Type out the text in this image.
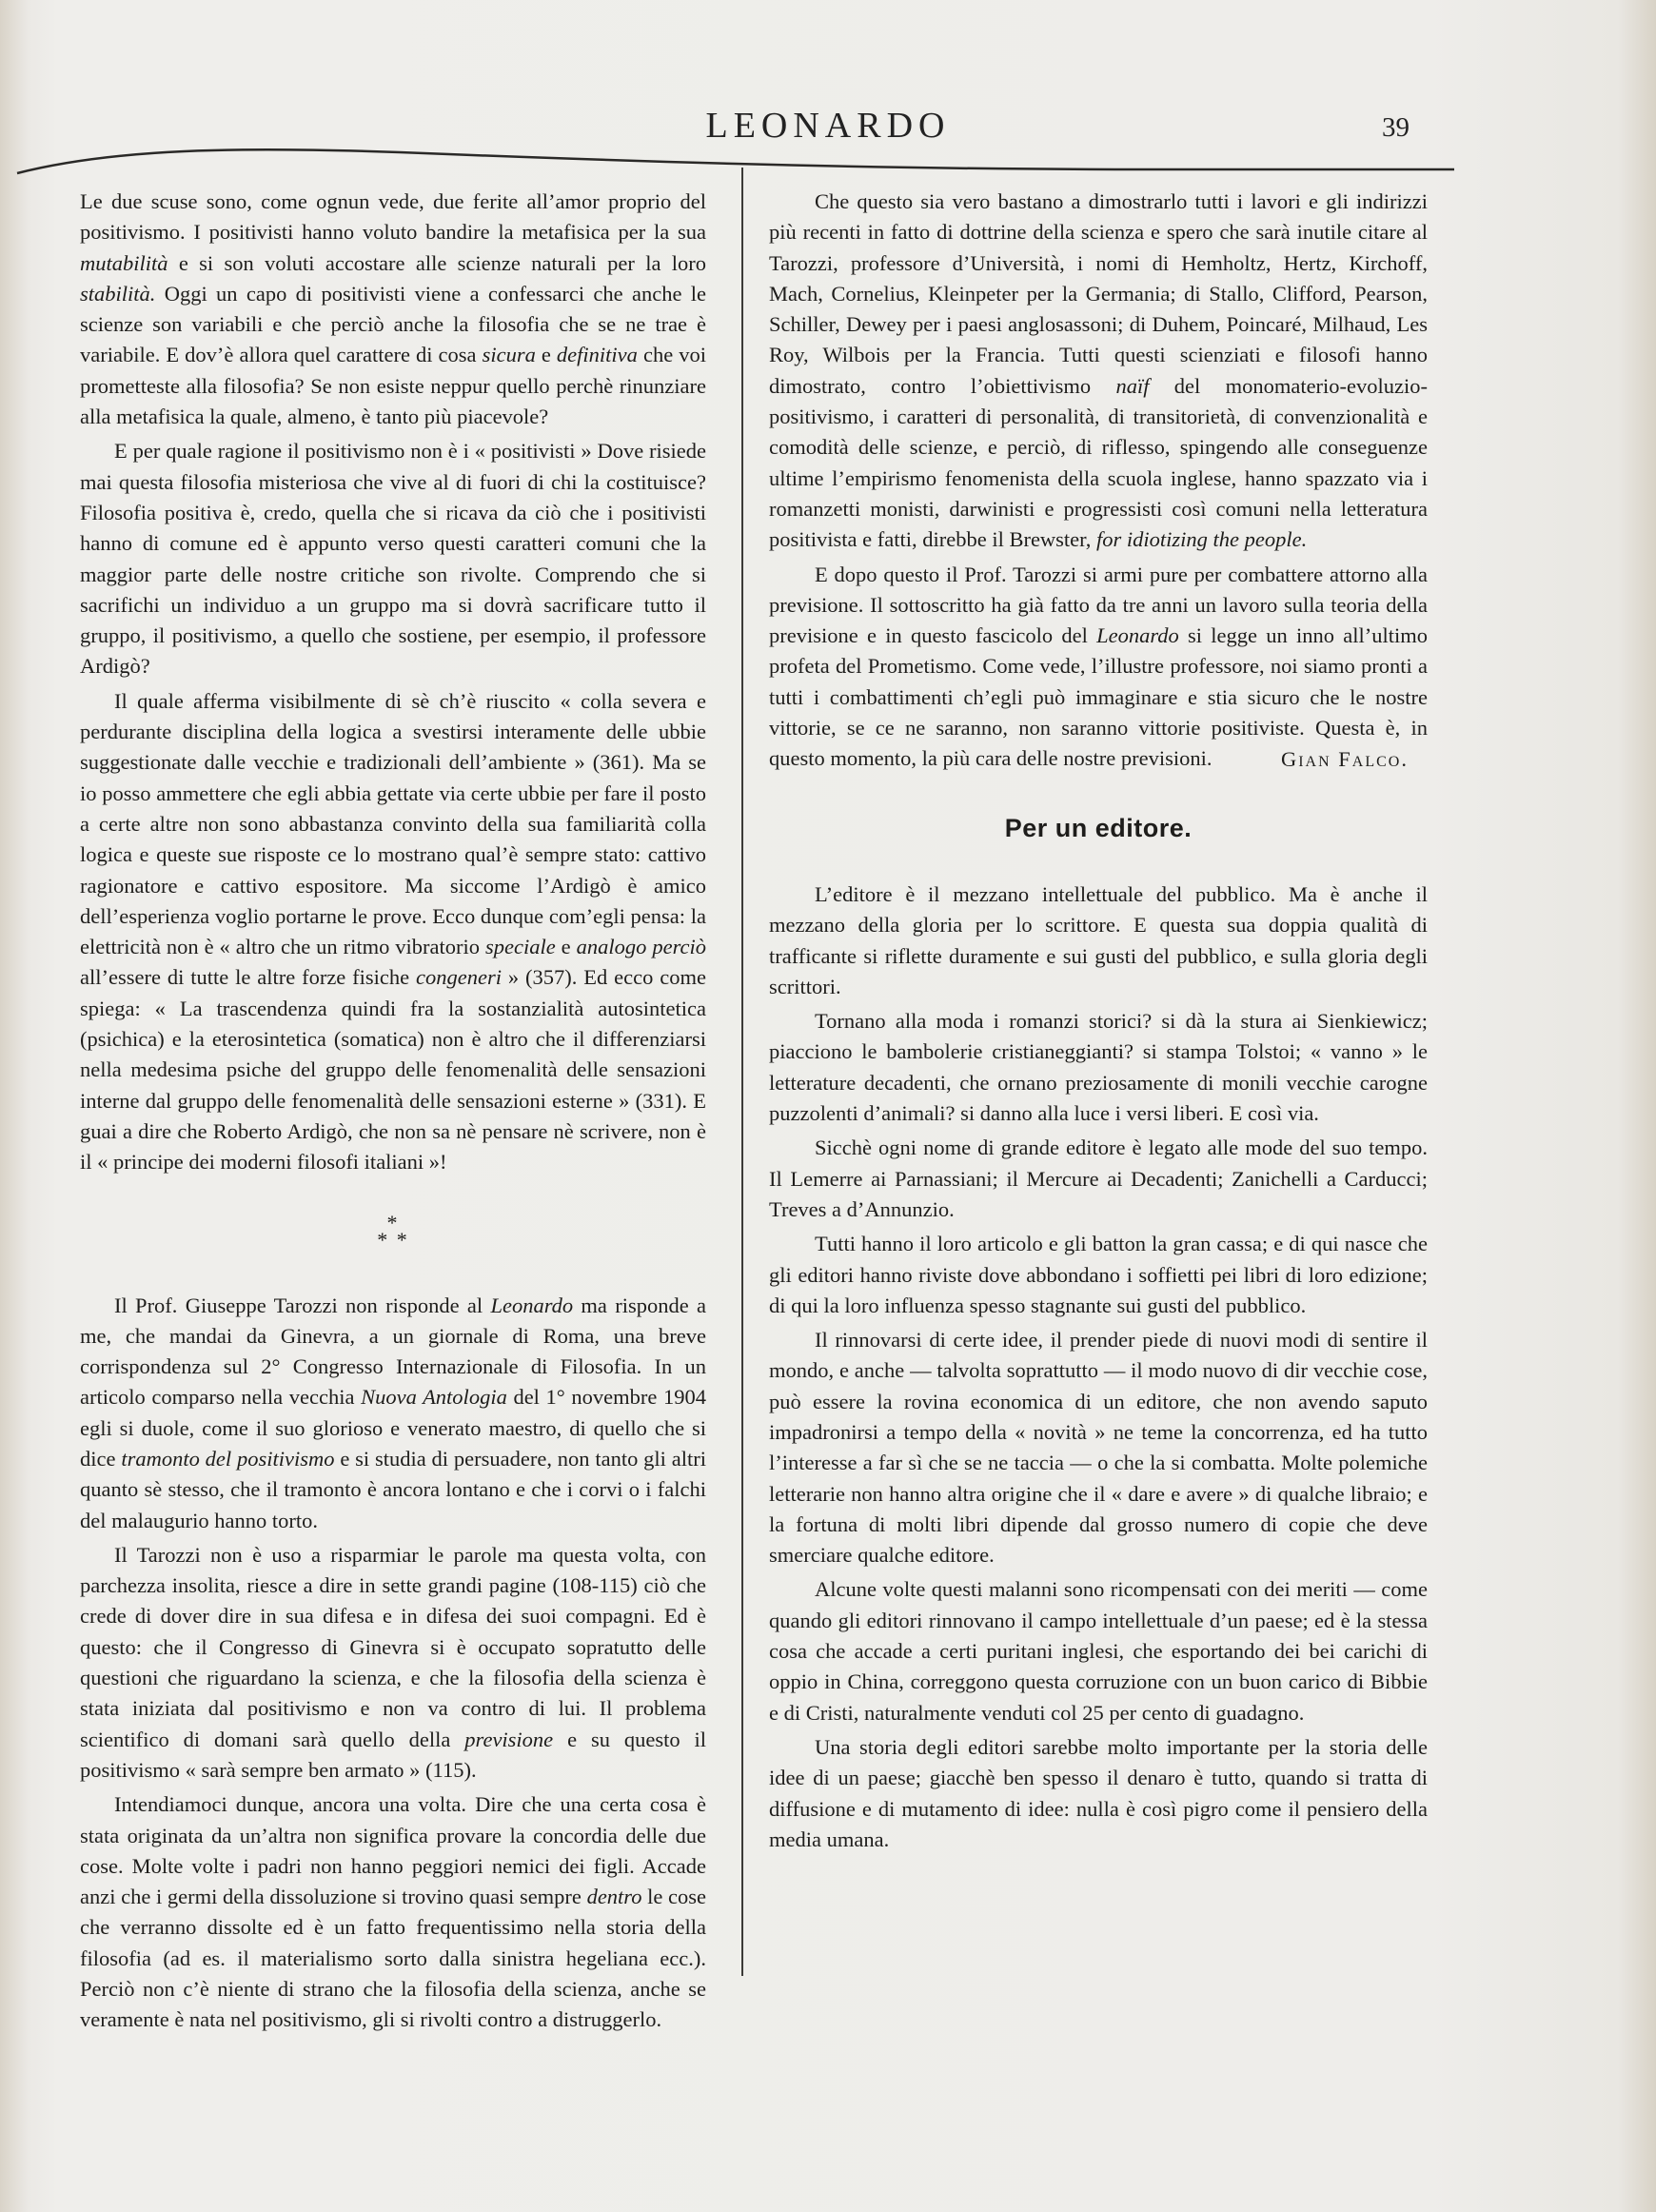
LEONARDO	39

Le due scuse sono, come ognun vede, due ferite all’amor proprio del positivismo. I positivisti hanno voluto bandire la metafisica per la sua mutabilità e si son voluti accostare alle scienze naturali per la loro stabilità. Oggi un capo di positivisti viene a confessarci che anche le scienze son variabili e che perciò anche la filosofia che se ne trae è variabile. E dov’è allora quel carattere di cosa sicura e definitiva che voi prometteste alla filosofia? Se non esiste neppur quello perchè rinunziare alla metafisica la quale, almeno, è tanto più piacevole?

E per quale ragione il positivismo non è i « positivisti » Dove risiede mai questa filosofia misteriosa che vive al di fuori di chi la costituisce? Filosofia positiva è, credo, quella che si ricava da ciò che i positivisti hanno di comune ed è appunto verso questi caratteri comuni che la maggior parte delle nostre critiche son rivolte. Comprendo che si sacrifichi un individuo a un gruppo ma si dovrà sacrificare tutto il gruppo, il positivismo, a quello che sostiene, per esempio, il professore Ardigò?

Il quale afferma visibilmente di sè ch’è riuscito « colla severa e perdurante disciplina della logica a svestirsi interamente delle ubbie suggestionate dalle vecchie e tradizionali dell’ambiente » (361). Ma se io posso ammettere che egli abbia gettate via certe ubbie per fare il posto a certe altre non sono abbastanza convinto della sua familiarità colla logica e queste sue risposte ce lo mostrano qual’è sempre stato: cattivo ragionatore e cattivo espositore. Ma siccome l’Ardigò è amico dell’esperienza voglio portarne le prove. Ecco dunque com’egli pensa: la elettricità non è « altro che un ritmo vibratorio speciale e analogo perciò all’essere di tutte le altre forze fisiche congeneri » (357). Ed ecco come spiega: « La trascendenza quindi fra la sostanzialità autosintetica (psichica) e la eterosintetica (somatica) non è altro che il differenziarsi nella medesima psiche del gruppo delle fenomenalità delle sensazioni interne dal gruppo delle fenomenalità delle sensazioni esterne » (331). E guai a dire che Roberto Ardigò, che non sa nè pensare nè scrivere, non è il « principe dei moderni filosofi italiani »!

*
* *

Il Prof. Giuseppe Tarozzi non risponde al Leonardo ma risponde a me, che mandai da Ginevra, a un giornale di Roma, una breve corrispondenza sul 2° Congresso Internazionale di Filosofia. In un articolo comparso nella vecchia Nuova Antologia del 1° novembre 1904 egli si duole, come il suo glorioso e venerato maestro, di quello che si dice tramonto del positivismo e si studia di persuadere, non tanto gli altri quanto sè stesso, che il tramonto è ancora lontano e che i corvi o i falchi del malaugurio hanno torto.

Il Tarozzi non è uso a risparmiar le parole ma questa volta, con parchezza insolita, riesce a dire in sette grandi pagine (108-115) ciò che crede di dover dire in sua difesa e in difesa dei suoi compagni. Ed è questo: che il Congresso di Ginevra si è occupato sopratutto delle questioni che riguardano la scienza, e che la filosofia della scienza è stata iniziata dal positivismo e non va contro di lui. Il problema scientifico di domani sarà quello della previsione e su questo il positivismo « sarà sempre ben armato » (115).

Intendiamoci dunque, ancora una volta. Dire che una certa cosa è stata originata da un’altra non significa provare la concordia delle due cose. Molte volte i padri non hanno peggiori nemici dei figli. Accade anzi che i germi della dissoluzione si trovino quasi sempre dentro le cose che verranno dissolte ed è un fatto frequentissimo nella storia della filosofia (ad es. il materialismo sorto dalla sinistra hegeliana ecc.). Perciò non c’è niente di strano che la filosofia della scienza, anche se veramente è nata nel positivismo, gli si rivolti contro a distruggerlo.

Che questo sia vero bastano a dimostrarlo tutti i lavori e gli indirizzi più recenti in fatto di dottrine della scienza e spero che sarà inutile citare al Tarozzi, professore d’Università, i nomi di Hemholtz, Hertz, Kirchoff, Mach, Cornelius, Kleinpeter per la Germania; di Stallo, Clifford, Pearson, Schiller, Dewey per i paesi anglosassoni; di Duhem, Poincaré, Milhaud, Les Roy, Wilbois per la Francia. Tutti questi scienziati e filosofi hanno dimostrato, contro l’obiettivismo naïf del monomaterio-evoluzio-positivismo, i caratteri di personalità, di transitorietà, di convenzionalità e comodità delle scienze, e perciò, di riflesso, spingendo alle conseguenze ultime l’empirismo fenomenista della scuola inglese, hanno spazzato via i romanzetti monisti, darwinisti e progressisti così comuni nella letteratura positivista e fatti, direbbe il Brewster, for idiotizing the people.

E dopo questo il Prof. Tarozzi si armi pure per combattere attorno alla previsione. Il sottoscritto ha già fatto da tre anni un lavoro sulla teoria della previsione e in questo fascicolo del Leonardo si legge un inno all’ultimo profeta del Prometismo. Come vede, l’illustre professore, noi siamo pronti a tutti i combattimenti ch’egli può immaginare e stia sicuro che le nostre vittorie, se ce ne saranno, non saranno vittorie positiviste. Questa è, in questo momento, la più cara delle nostre previsioni.	Gian Falco.
Per un editore.

L’editore è il mezzano intellettuale del pubblico. Ma è anche il mezzano della gloria per lo scrittore. E questa sua doppia qualità di trafficante si riflette duramente e sui gusti del pubblico, e sulla gloria degli scrittori.

Tornano alla moda i romanzi storici? si dà la stura ai Sienkiewicz; piacciono le bambolerie cristianeggianti? si stampa Tolstoi; « vanno » le letterature decadenti, che ornano preziosamente di monili vecchie carogne puzzolenti d’animali? si danno alla luce i versi liberi. E così via.

Sicchè ogni nome di grande editore è legato alle mode del suo tempo. Il Lemerre ai Parnassiani; il Mercure ai Decadenti; Zanichelli a Carducci; Treves a d’Annunzio.

Tutti hanno il loro articolo e gli batton la gran cassa; e di qui nasce che gli editori hanno riviste dove abbondano i soffietti pei libri di loro edizione; di qui la loro influenza spesso stagnante sui gusti del pubblico.

Il rinnovarsi di certe idee, il prender piede di nuovi modi di sentire il mondo, e anche — talvolta soprattutto — il modo nuovo di dir vecchie cose, può essere la rovina economica di un editore, che non avendo saputo impadronirsi a tempo della « novità » ne teme la concorrenza, ed ha tutto l’interesse a far sì che se ne taccia — o che la si combatta. Molte polemiche letterarie non hanno altra origine che il « dare e avere » di qualche libraio; e la fortuna di molti libri dipende dal grosso numero di copie che deve smerciare qualche editore.

Alcune volte questi malanni sono ricompensati con dei meriti — come quando gli editori rinnovano il campo intellettuale d’un paese; ed è la stessa cosa che accade a certi puritani inglesi, che esportando dei bei carichi di oppio in China, correggono questa corruzione con un buon carico di Bibbie e di Cristi, naturalmente venduti col 25 per cento di guadagno.

Una storia degli editori sarebbe molto importante per la storia delle idee di un paese; giacchè ben spesso il denaro è tutto, quando si tratta di diffusione e di mutamento di idee: nulla è così pigro come il pensiero della media umana.
